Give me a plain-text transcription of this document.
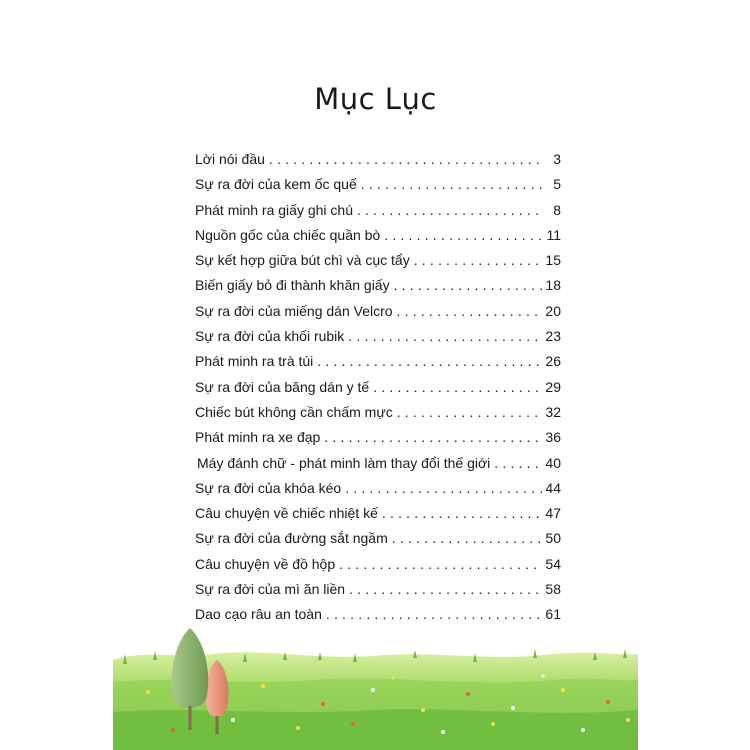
Mục Lục
Lời nói đầu .....	3
Sự ra đời của kem ốc quế .....	5
Phát minh ra giấy ghi chú .....	8
Nguồn gốc của chiếc quần bò .....	11
Sự kết hợp giữa bút chì và cục tẩy .....	15
Biến giấy bỏ đi thành khăn giấy .....	18
Sự ra đời của miếng dán Velcro .....	20
Sự ra đời của khối rubik .....	23
Phát minh ra trà túi .....	26
Sự ra đời của băng dán y tế .....	29
Chiếc bút không cần chấm mực .....	32
Phát minh ra xe đạp .....	36
Máy đánh chữ - phát minh làm thay đổi thế giới .....	40
Sự ra đời của khóa kéo .....	44
Câu chuyện về chiếc nhiệt kế .....	47
Sự ra đời của đường sắt ngầm .....	50
Câu chuyện về đồ hộp .....	54
Sự ra đời của mì ăn liền .....	58
Dao cạo râu an toàn .....	61
